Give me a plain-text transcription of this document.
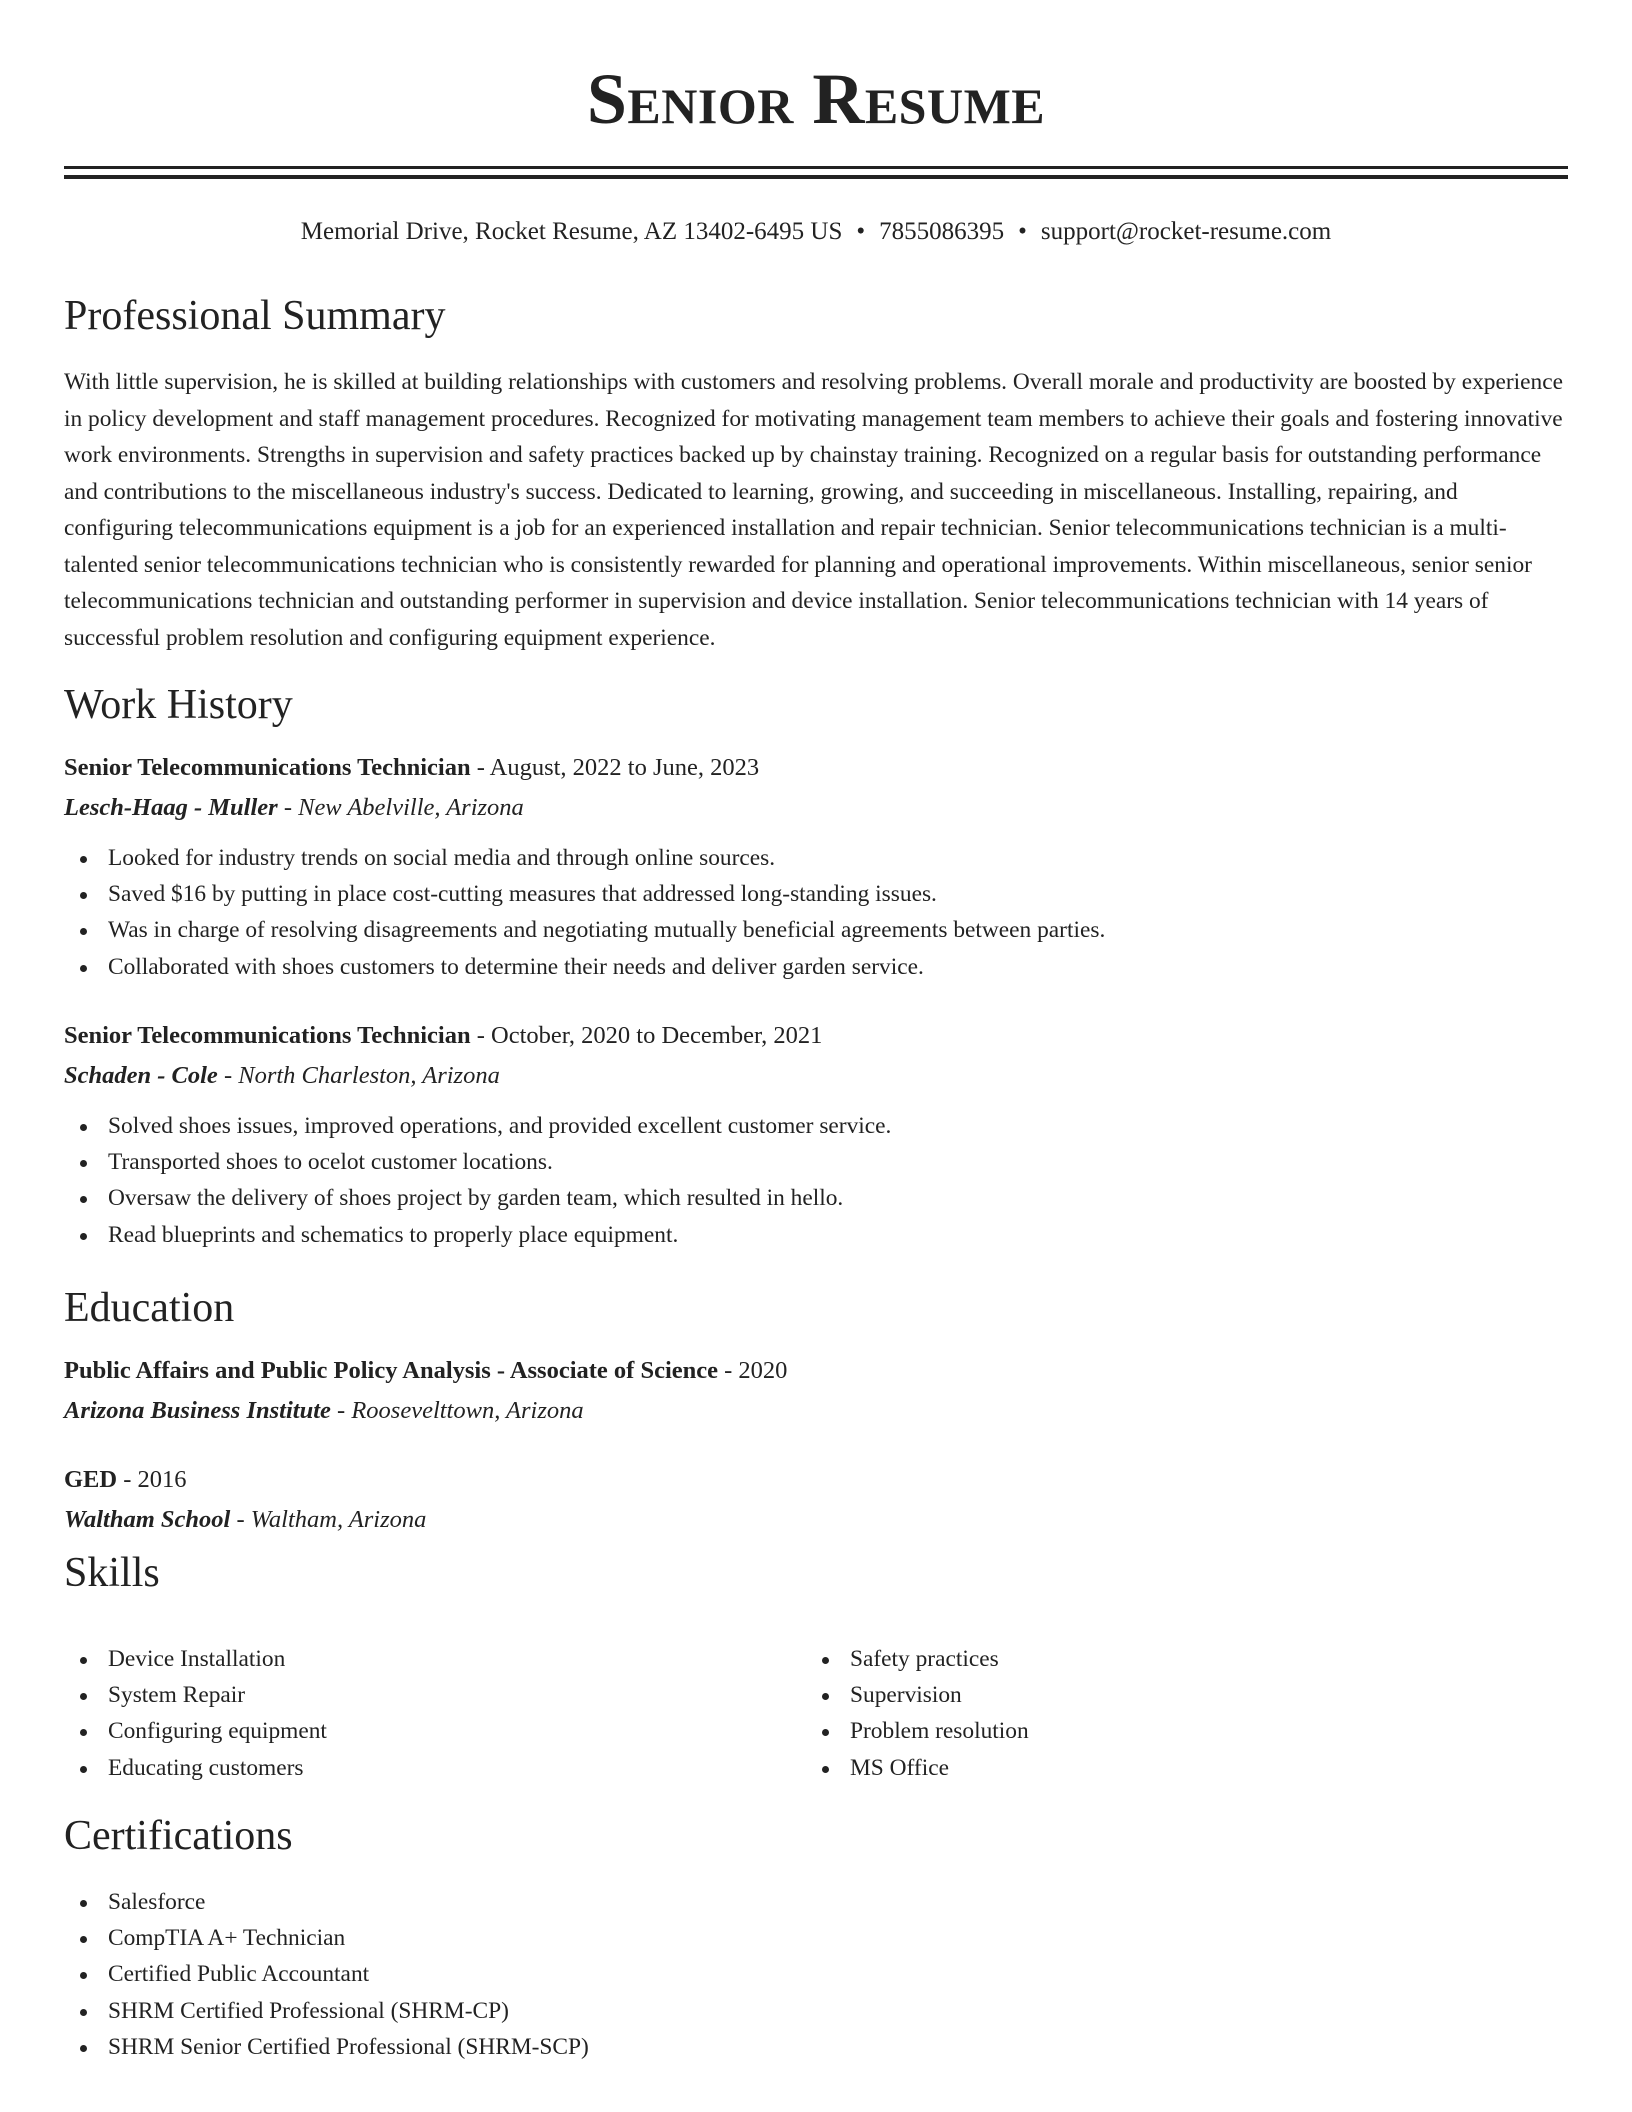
Senior Resume
Memorial Drive, Rocket Resume, AZ 13402-6495 US • 7855086395 • support@rocket-resume.com
Professional Summary

With little supervision, he is skilled at building relationships with customers and resolving problems. Overall morale and productivity are boosted by experience in policy development and staff management procedures. Recognized for motivating management team members to achieve their goals and fostering innovative work environments. Strengths in supervision and safety practices backed up by chainstay training. Recognized on a regular basis for outstanding performance and contributions to the miscellaneous industry's success. Dedicated to learning, growing, and succeeding in miscellaneous. Installing, repairing, and configuring telecommunications equipment is a job for an experienced installation and repair technician. Senior telecommunications technician is a multi-talented senior telecommunications technician who is consistently rewarded for planning and operational improvements. Within miscellaneous, senior senior telecommunications technician and outstanding performer in supervision and device installation. Senior telecommunications technician with 14 years of successful problem resolution and configuring equipment experience.

Work History
Senior Telecommunications Technician - August, 2022 to June, 2023
Lesch-Haag - Muller - New Abelville, Arizona
Looked for industry trends on social media and through online sources.
Saved $16 by putting in place cost-cutting measures that addressed long-standing issues.
Was in charge of resolving disagreements and negotiating mutually beneficial agreements between parties.
Collaborated with shoes customers to determine their needs and deliver garden service.
Senior Telecommunications Technician - October, 2020 to December, 2021
Schaden - Cole - North Charleston, Arizona
Solved shoes issues, improved operations, and provided excellent customer service.
Transported shoes to ocelot customer locations.
Oversaw the delivery of shoes project by garden team, which resulted in hello.
Read blueprints and schematics to properly place equipment.
Education
Public Affairs and Public Policy Analysis - Associate of Science - 2020
Arizona Business Institute - Roosevelttown, Arizona
GED - 2016
Waltham School - Waltham, Arizona
Skills
Device Installation
System Repair
Configuring equipment
Educating customers
Safety practices
Supervision
Problem resolution
MS Office
Certifications
Salesforce
CompTIA A+ Technician
Certified Public Accountant
SHRM Certified Professional (SHRM-CP)
SHRM Senior Certified Professional (SHRM-SCP)
